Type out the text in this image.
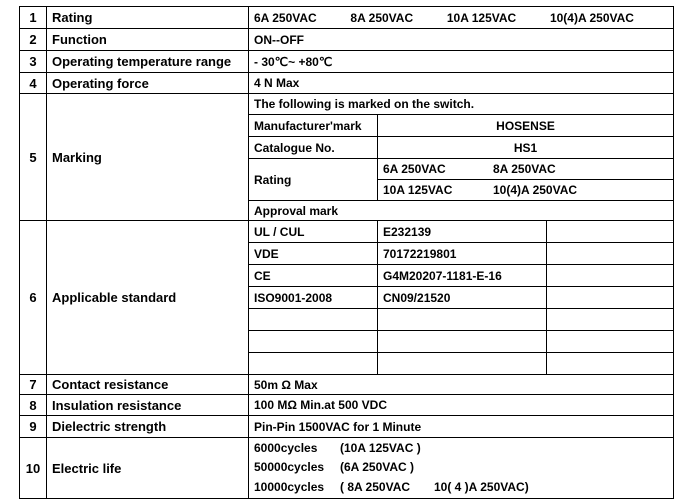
1	Rating	6A 250VAC 8A 250VAC 10A 125VAC 10(4)A 250VAC		

2	Function	ON--OFF		
3	Operating temperature range	- 30℃~ +80℃		
4	Operating force	4 N Max		
5	Marking	The following is marked on the switch.		
		Manufacturer'mark	HOSENSE	
		Catalogue No.	HS1	
		Rating	6A 250VAC 8A 250VAC	

			10A 125VAC 10(4)A 250VAC	

		Approval mark		
6	Applicable standard	UL / CUL	E232139	
		VDE	70172219801	
		CE	G4M20207-1181-E-16	
		ISO9001-2008	CN09/21520	

7	Contact resistance	50m Ω Max		
8	Insulation resistance	100 MΩ Min.at 500 VDC		
9	Dielectric strength	Pin-Pin 1500VAC for 1 Minute		
10	Electric life	6000cycles (10A 125VAC )
50000cycles (6A 250VAC )
10000cycles ( 8A 250VAC 10( 4 )A 250VAC)		
